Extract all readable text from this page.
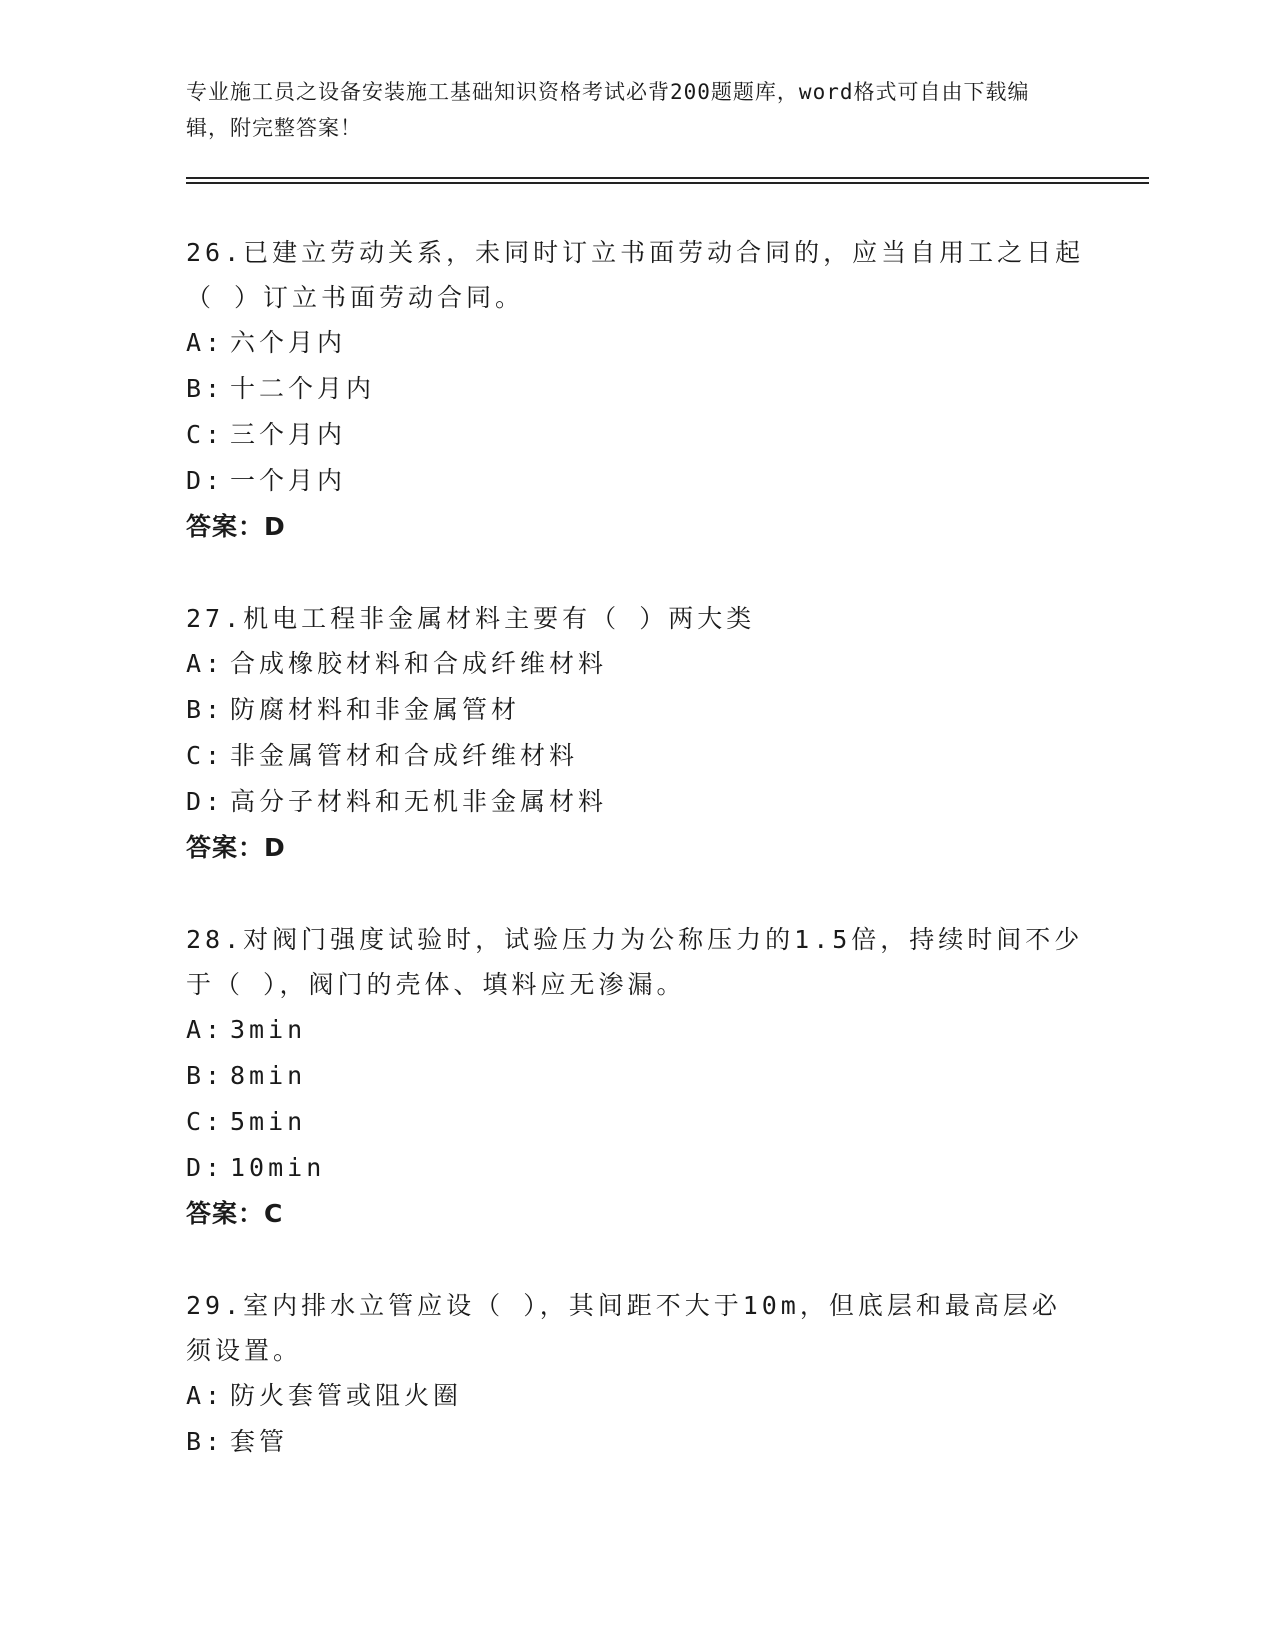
专业施工员之设备安装施工基础知识资格考试必背200题题库，word格式可自由下载编辑，附完整答案！

26.已建立劳动关系，未同时订立书面劳动合同的，应当自用工之日起（ ）订立书面劳动合同。

A: 六个月内
B: 十二个月内
C: 三个月内
D: 一个月内
答案：D

27.机电工程非金属材料主要有（ ）两大类

A: 合成橡胶材料和合成纤维材料
B: 防腐材料和非金属管材
C: 非金属管材和合成纤维材料
D: 高分子材料和无机非金属材料
答案：D

28.对阀门强度试验时，试验压力为公称压力的1.5倍，持续时间不少于（ ），阀门的壳体、填料应无渗漏。

A: 3min
B: 8min
C: 5min
D: 10min
答案：C

29.室内排水立管应设（ ），其间距不大于10m，但底层和最高层必须设置。

A: 防火套管或阻火圈
B: 套管
